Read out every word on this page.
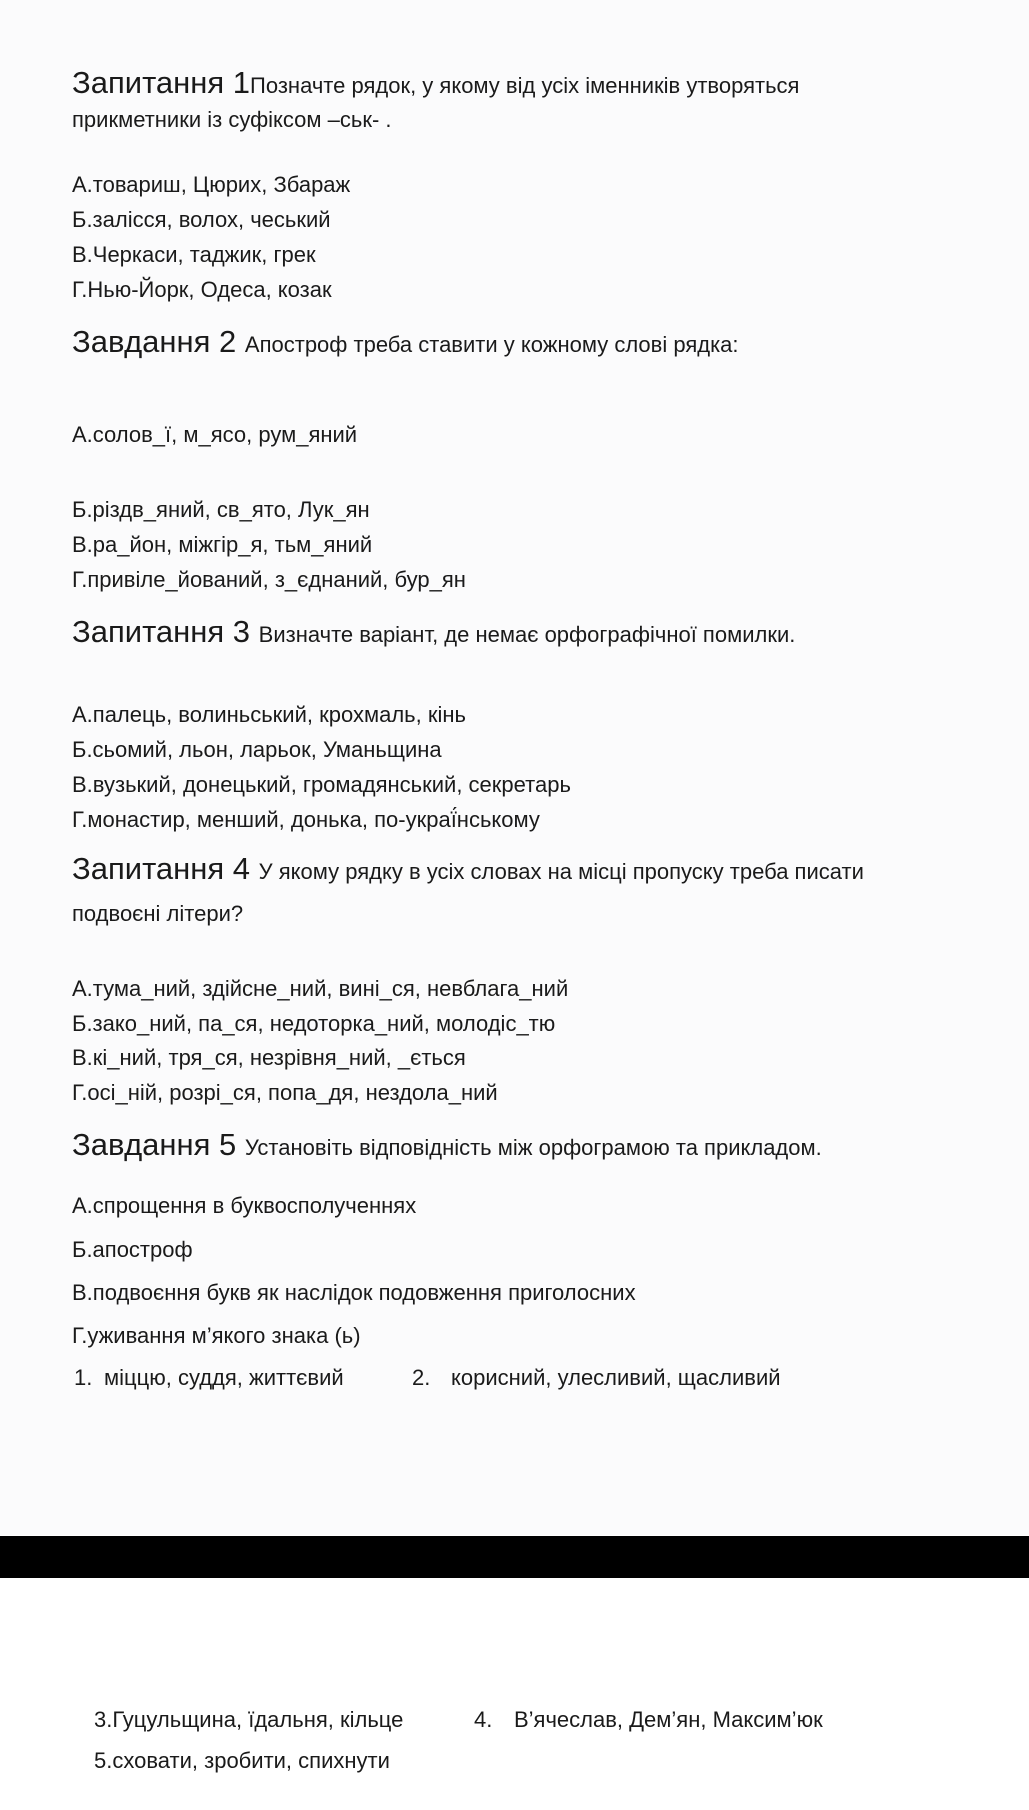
Запитання 1Позначте рядок, у якому від усіх іменників утворяться
прикметники із суфіксом –ськ- .
А.товариш, Цюрих, Збараж
Б.залісся, волох, чеський
В.Черкаси, таджик, грек
Г.Нью-Йорк, Одеса, козак
Завдання 2 Апостроф треба ставити у кожному слові рядка:
А.солов_ї, м_ясо, рум_яний
Б.різдв_яний, св_ято, Лук_ян
В.ра_йон, міжгір_я, тьм_яний
Г.привіле_йований, з_єднаний, бур_ян
Запитання 3 Визначте варіант, де немає орфографічної помилки.
А.палець, волиньський, крохмаль, кінь
Б.сьомий, льон, ларьок, Уманьщина
В.вузький, донецький, громадянський, секретарь
Г.монастир, менший, донька, по-украї́нському
Запитання 4 У якому рядку в усіх словах на місці пропуску треба писати
подвоєні літери?
А.тума_ний, здійсне_ний, вині_ся, невблага_ний
Б.зако_ний, па_ся, недоторка_ний, молодіс_тю
В.кі_ний, тря_ся, незрівня_ний, _ється
Г.осі_ній, розрі_ся, попа_дя, нездола_ний
Завдання 5 Установіть відповідність між орфограмою та прикладом.
А.спрощення в буквосполученнях
Б.апостроф
В.подвоєння букв як наслідок подовження приголосних
Г.уживання м’якого знака (ь)
1. міццю, суддя, життєвий	2. корисний, улесливий, щасливий
3.Гуцульщина, їдальня, кільце	4. В’ячеслав, Дем’ян, Максим’юк
5.сховати, зробити, спихнути
